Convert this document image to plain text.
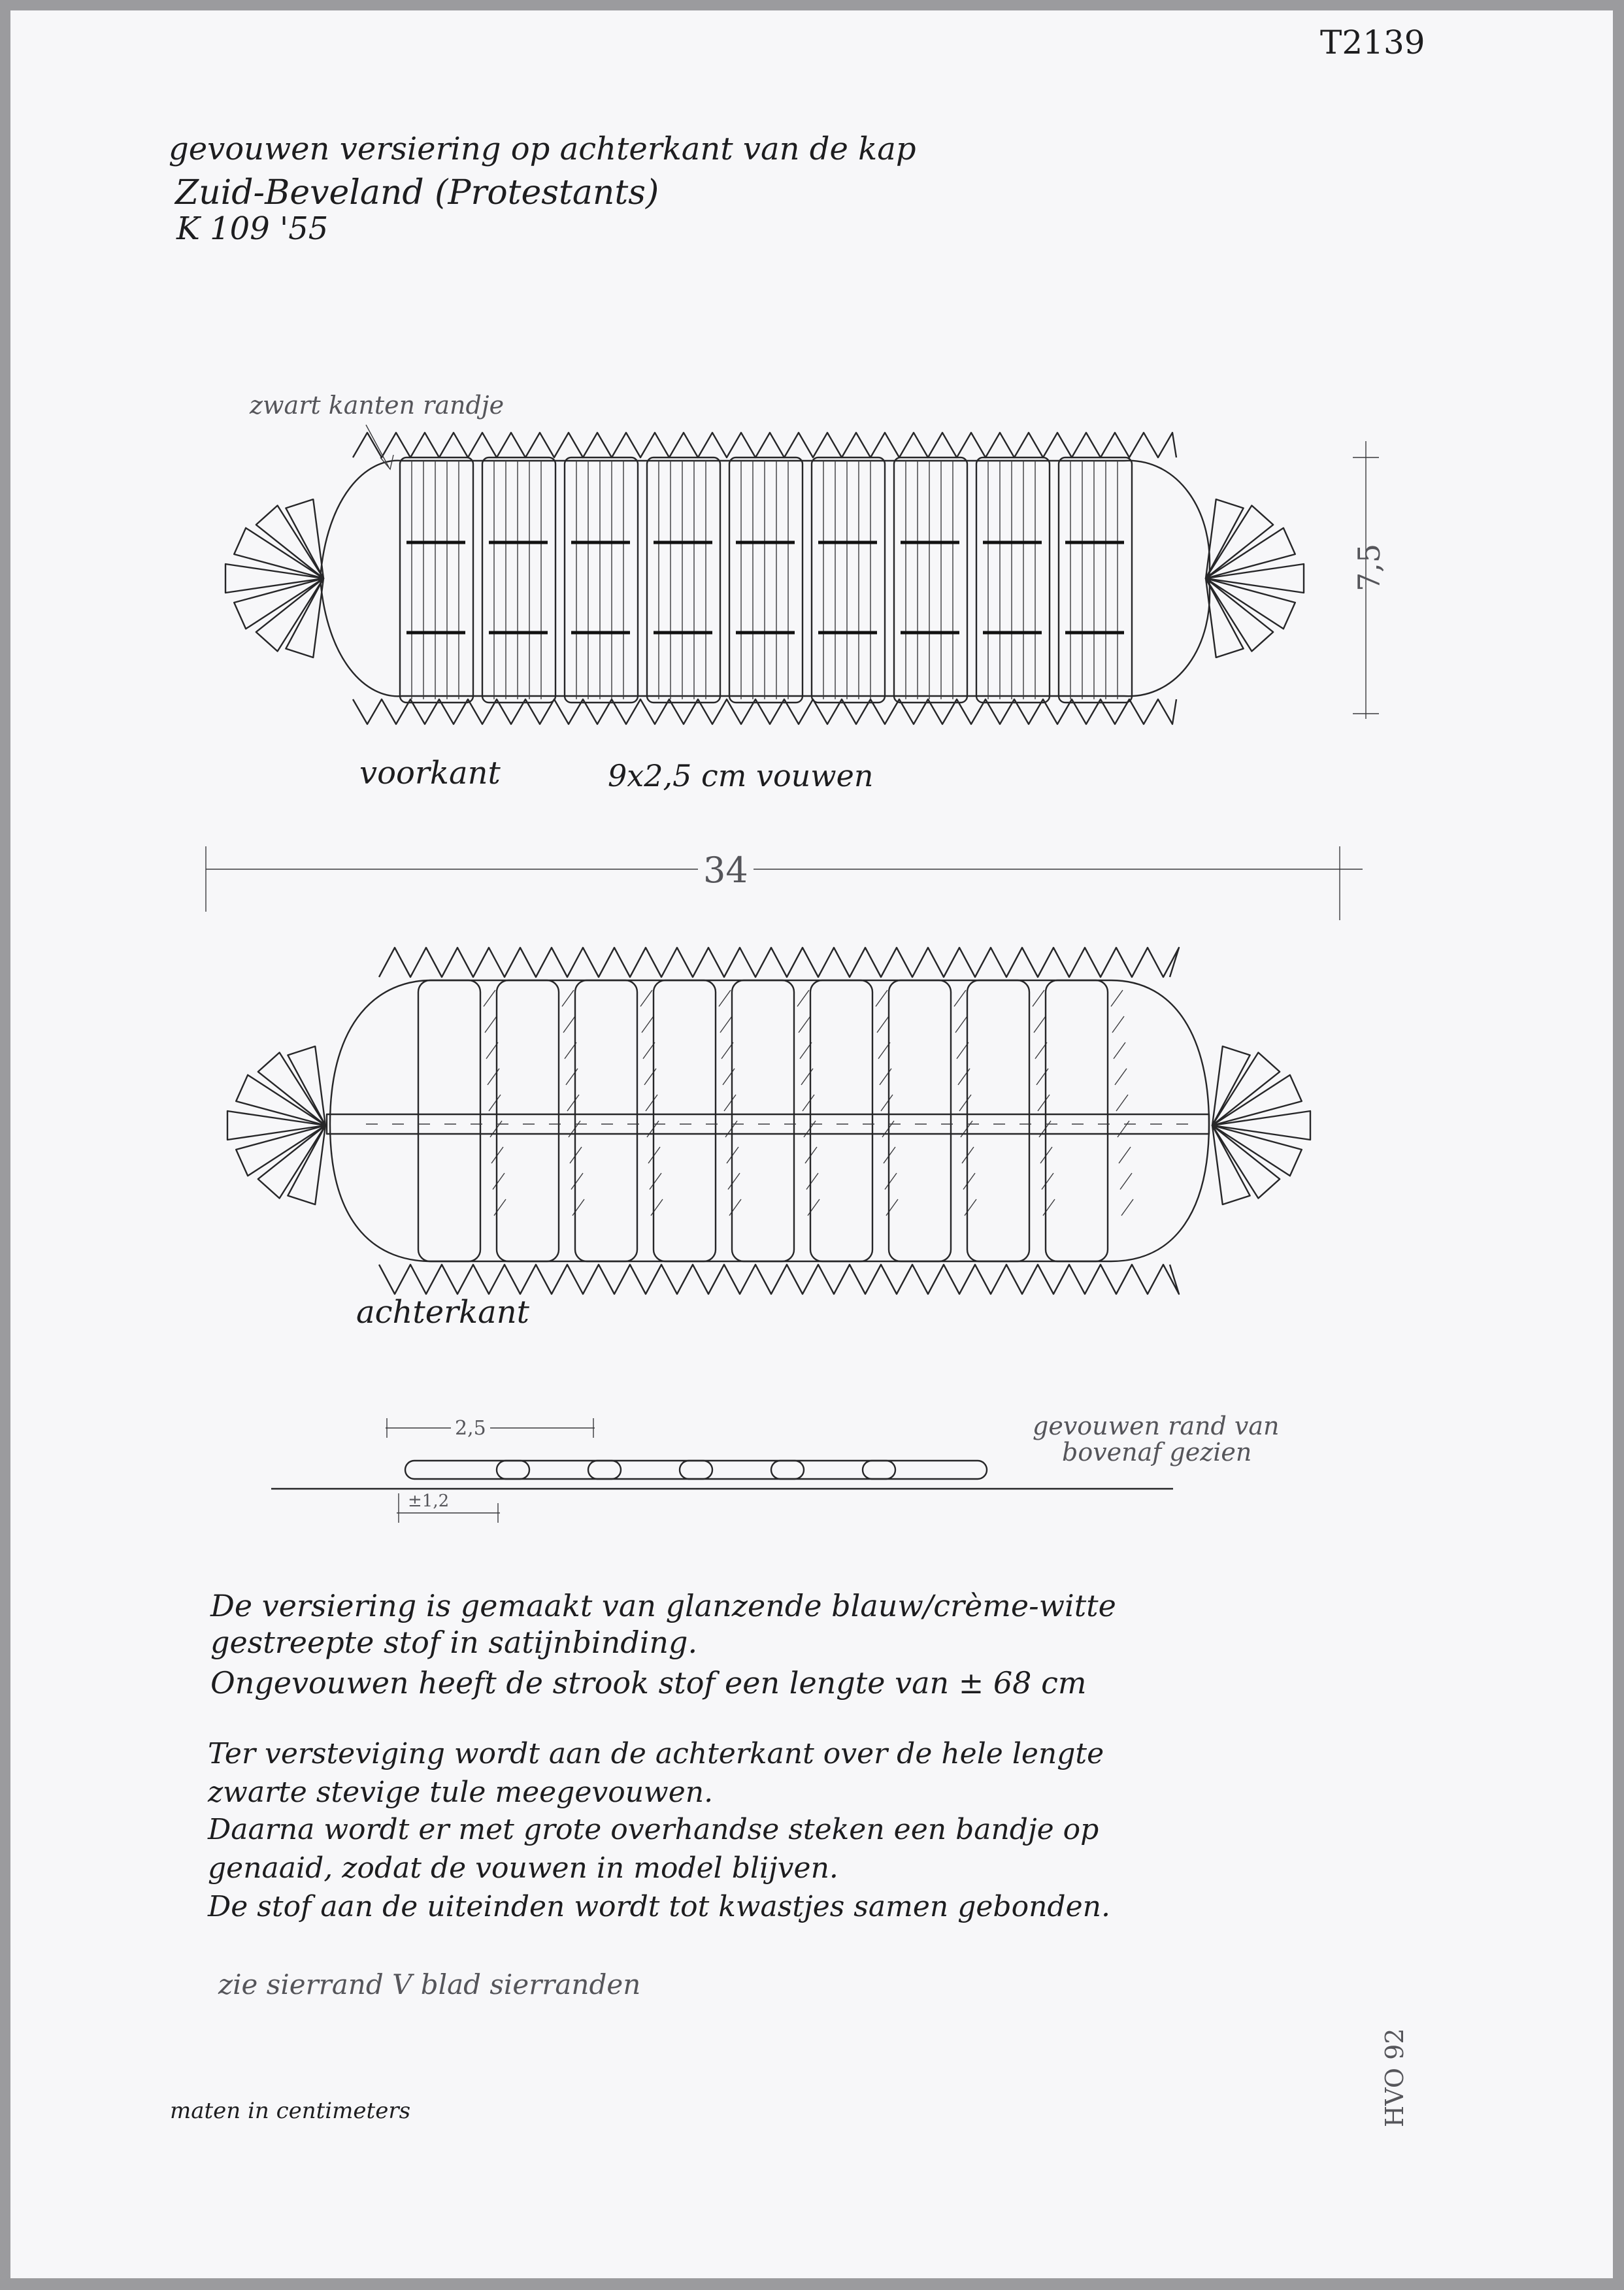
T2139
gevouwen versiering op achterkant van de kap
Zuid-Beveland (Protestants)
K 109 '55
zwart kanten randje
7,5
voorkant	9x2,5 cm vouwen
34
achterkant
2,5
±1,2
gevouwen rand van
bovenaf gezien
De versiering is gemaakt van glanzende blauw/crème-witte
gestreepte stof in satijnbinding.
Ongevouwen heeft de strook stof een lengte van ± 68 cm
Ter versteviging wordt aan de achterkant over de hele lengte
zwarte stevige tule meegevouwen.
Daarna wordt er met grote overhandse steken een bandje op
genaaid, zodat de vouwen in model blijven.
De stof aan de uiteinden wordt tot kwastjes samen gebonden.
zie sierrand V blad sierranden
maten in centimeters	HVO 92
